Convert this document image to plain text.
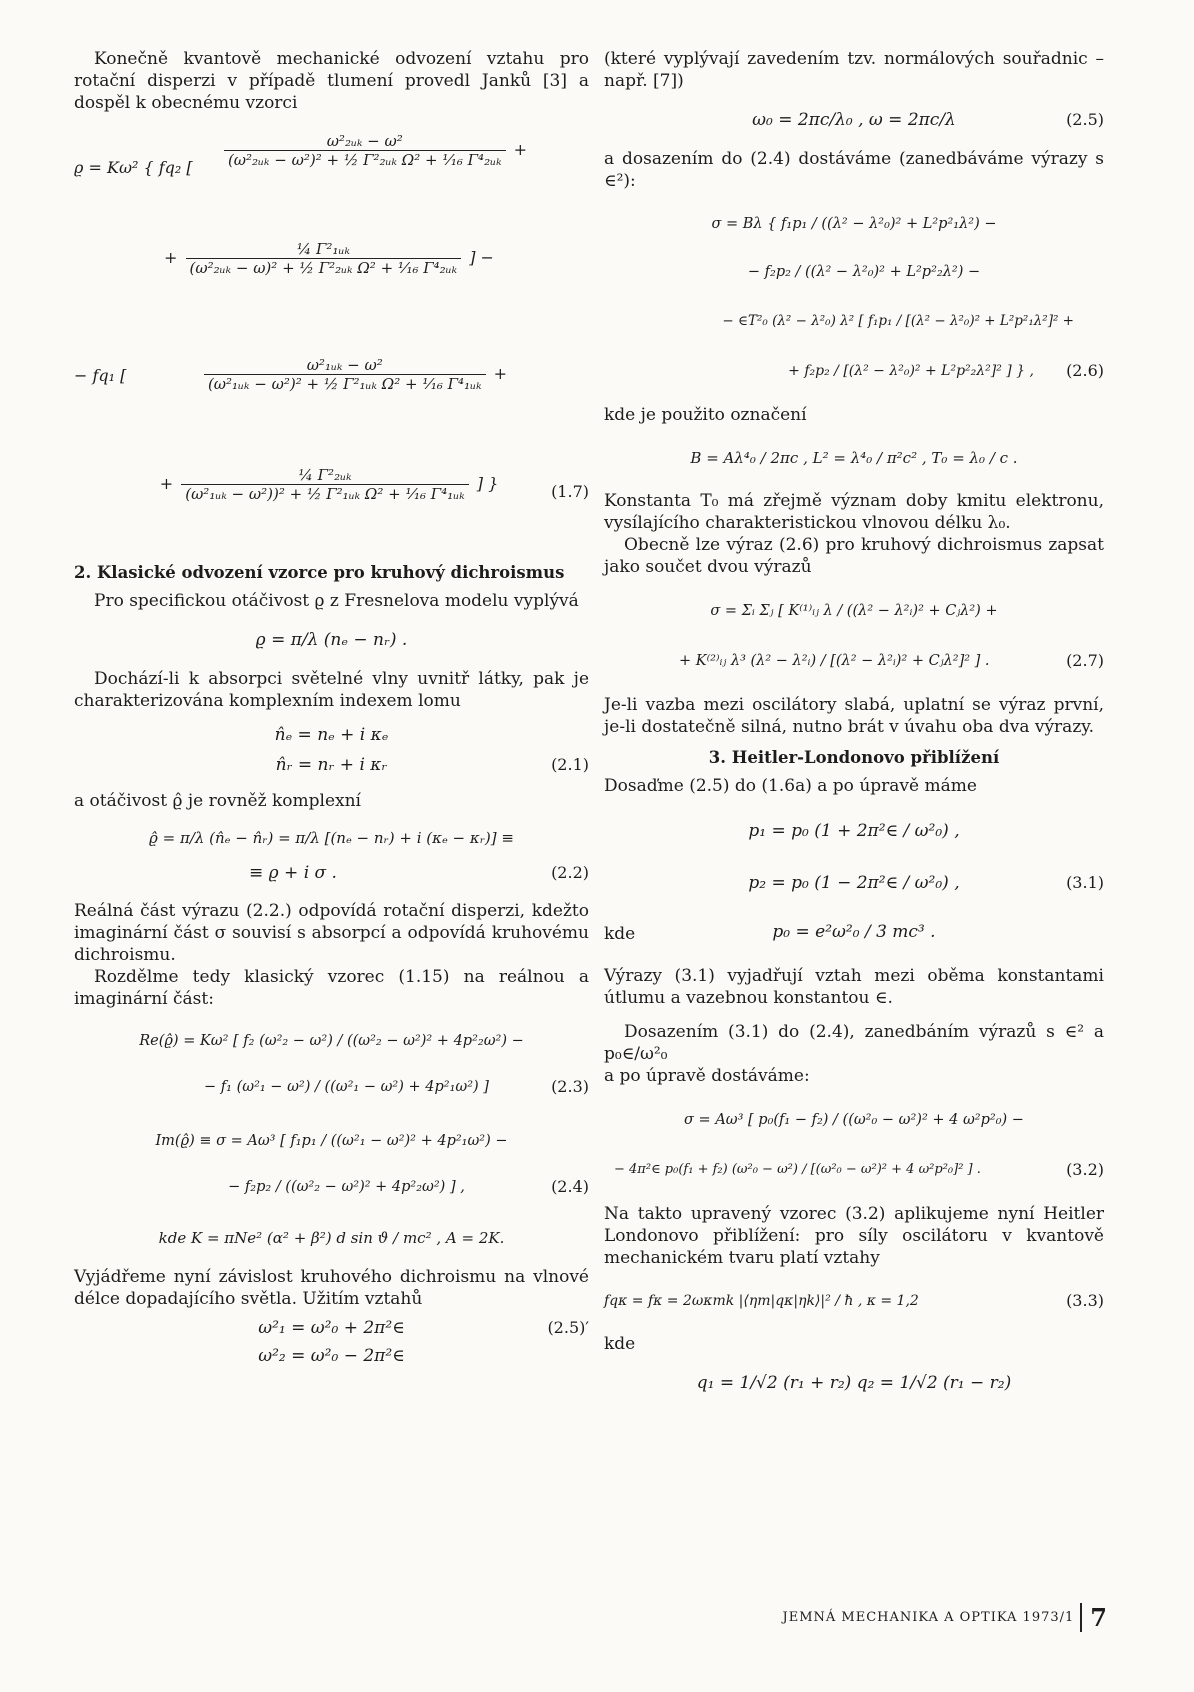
Konečně kvantově mechanické odvození vztahu pro rotační disperzi v případě tlumení provedl Janků [3] a dospěl k obecnému vzorci

ϱ = Kω² { fq₂ [ $\frac{\text{ω²₂ᵤₖ − ω²}}{\text{(ω²₂ᵤₖ − ω²)² + ½ Γ²₂ᵤₖ Ω² + ¹⁄₁₆ Γ⁴₂ᵤₖ}}$ +
+ $\frac{\text{¼ Γ²₁ᵤₖ}}{\text{(ω²₂ᵤₖ − ω)² + ½ Γ²₂ᵤₖ Ω² + ¹⁄₁₆ Γ⁴₂ᵤₖ}}$ ] −
− fq₁ [	$\frac{\text{ω²₁ᵤₖ − ω²}}{\text{(ω²₁ᵤₖ − ω²)² + ½ Γ²₁ᵤₖ Ω² + ¹⁄₁₆ Γ⁴₁ᵤₖ}}$ +
+ $\frac{\text{¼ Γ²₂ᵤₖ}}{\text{(ω²₁ᵤₖ − ω²))² + ½ Γ²₁ᵤₖ Ω² + ¹⁄₁₆ Γ⁴₁ᵤₖ}}$ ] }	(1.7)
2. Klasické odvození vzorce pro kruhový dichroismus

Pro specifickou otáčivost ϱ z Fresnelova modelu vyplývá

ϱ = π/λ (nₑ − nᵣ) .

Dochází-li k absorpci světelné vlny uvnitř látky, pak je charakterizována komplexním indexem lomu

n̂ₑ = nₑ + i κₑ
n̂ᵣ = nᵣ + i κᵣ	(2.1)

a otáčivost ϱ̂ je rovněž komplexní

ϱ̂ = π/λ (n̂ₑ − n̂ᵣ) = π/λ [(nₑ − nᵣ) + i (κₑ − κᵣ)] ≡
≡ ϱ + i σ .	(2.2)

Reálná část výrazu (2.2.) odpovídá rotační disperzi, kdežto imaginární část σ souvisí s absorpcí a odpovídá kruhovému dichroismu.

Rozdělme tedy klasický vzorec (1.15) na reálnou a imaginární část:

Re(ϱ̂) = Kω² [ f₂ (ω²₂ − ω²) / ((ω²₂ − ω²)² + 4p²₂ω²) −
− f₁ (ω²₁ − ω²) / ((ω²₁ − ω²) + 4p²₁ω²) ]	(2.3)
Im(ϱ̂) ≡ σ = Aω³ [ f₁p₁ / ((ω²₁ − ω²)² + 4p²₁ω²) −
− f₂p₂ / ((ω²₂ − ω²)² + 4p²₂ω²) ] ,	(2.4)
kde K = πNe² (α² + β²) d sin ϑ / mc² , A = 2K.

Vyjádřeme nyní závislost kruhového dichroismu na vlnové délce dopadajícího světla. Užitím vztahů

ω²₁ = ω²₀ + 2π²∈
ω²₂ = ω²₀ − 2π²∈
(2.5)′

(které vyplývají zavedením tzv. normálových souřadnic – např. [7])

ω₀ = 2πc/λ₀ , ω = 2πc/λ	(2.5)

a dosazením do (2.4) dostáváme (zanedbáváme výrazy s ∈²):

σ = Bλ { f₁p₁ / ((λ² − λ²₀)² + L²p²₁λ²) −
− f₂p₂ / ((λ² − λ²₀)² + L²p²₂λ²) −
− ∈T²₀ (λ² − λ²₀) λ² [ f₁p₁ / [(λ² − λ²₀)² + L²p²₁λ²]² +
+ f₂p₂ / [(λ² − λ²₀)² + L²p²₂λ²]² ] } ,	(2.6)

kde je použito označení

B = Aλ⁴₀ / 2πc , L² = λ⁴₀ / π²c² , T₀ = λ₀ / c .

Konstanta T₀ má zřejmě význam doby kmitu elektronu, vysílajícího charakteristickou vlnovou délku λ₀.

Obecně lze výraz (2.6) pro kruhový dichroismus zapsat jako součet dvou výrazů

σ = Σᵢ Σⱼ [ K⁽¹⁾ᵢⱼ λ / ((λ² − λ²ᵢ)² + Cⱼλ²) +
+ K⁽²⁾ᵢⱼ λ³ (λ² − λ²ᵢ) / [(λ² − λ²ᵢ)² + Cⱼλ²]² ] .	(2.7)

Je-li vazba mezi oscilátory slabá, uplatní se výraz první, je-li dostatečně silná, nutno brát v úvahu oba dva výrazy.

3. Heitler-Londonovo přiblížení

Dosaďme (2.5) do (1.6a) a po úpravě máme

p₁ = p₀ (1 + 2π²∈ / ω²₀) ,
p₂ = p₀ (1 − 2π²∈ / ω²₀) ,	(3.1)
kde	p₀ = e²ω²₀ / 3 mc³ .

Výrazy (3.1) vyjadřují vztah mezi oběma konstantami útlumu a vazebnou konstantou ∈.

Dosazením (3.1) do (2.4), zanedbáním výrazů s ∈² a p₀∈/ω²₀

a po úpravě dostáváme:

σ = Aω³ [ p₀(f₁ − f₂) / ((ω²₀ − ω²)² + 4 ω²p²₀) −
− 4π²∈ p₀(f₁ + f₂) (ω²₀ − ω²) / [(ω²₀ − ω²)² + 4 ω²p²₀]² ] .	(3.2)

Na takto upravený vzorec (3.2) aplikujeme nyní Heitler Londonovo přiblížení: pro síly oscilátoru v kvantově mechanickém tvaru platí vztahy

fqκ = fκ = 2ωκmk |⟨ηm|qκ|ηk⟩|² / ħ , κ = 1,2	(3.3)

kde

q₁ = 1/√2 (r₁ + r₂) q₂ = 1/√2 (r₁ − r₂)
JEMNÁ MECHANIKA A OPTIKA 1973/1 7
